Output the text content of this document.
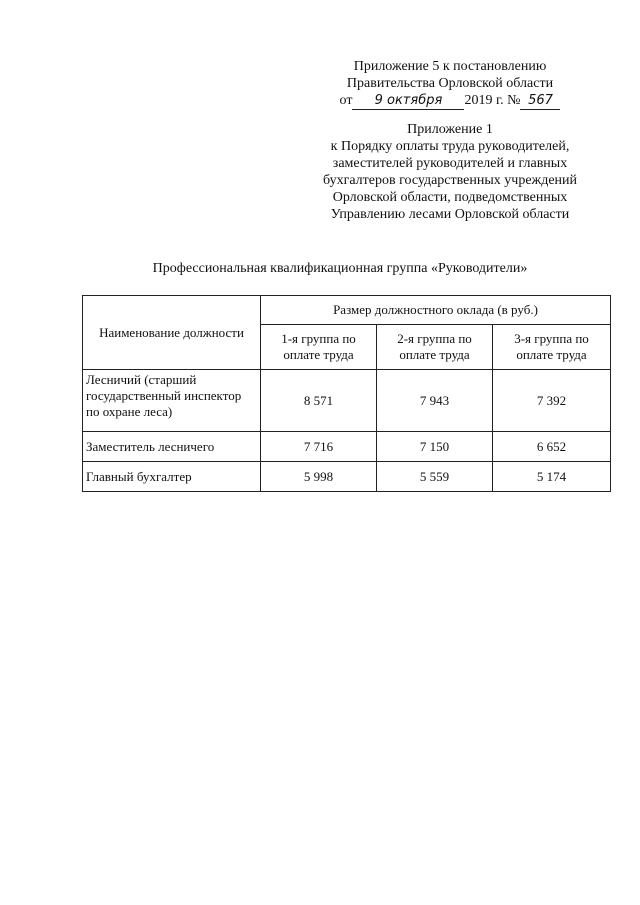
Приложение 5 к постановлению
Правительства Орловской области
от 9 октября 2019 г. № 567
Приложение 1
к Порядку оплаты труда руководителей,
заместителей руководителей и главных
бухгалтеров государственных учреждений
Орловской области, подведомственных
Управлению лесами Орловской области
Профессиональная квалификационная группа «Руководители»
Наименование должности	Размер должностного оклада (в руб.)		
	1-я группа по оплате труда	2-я группа по оплате труда	3-я группа по оплате труда
Лесничий (старший государственный инспектор по охране леса)	8 571	7 943	7 392
Заместитель лесничего	7 716	7 150	6 652
Главный бухгалтер	5 998	5 559	5 174
